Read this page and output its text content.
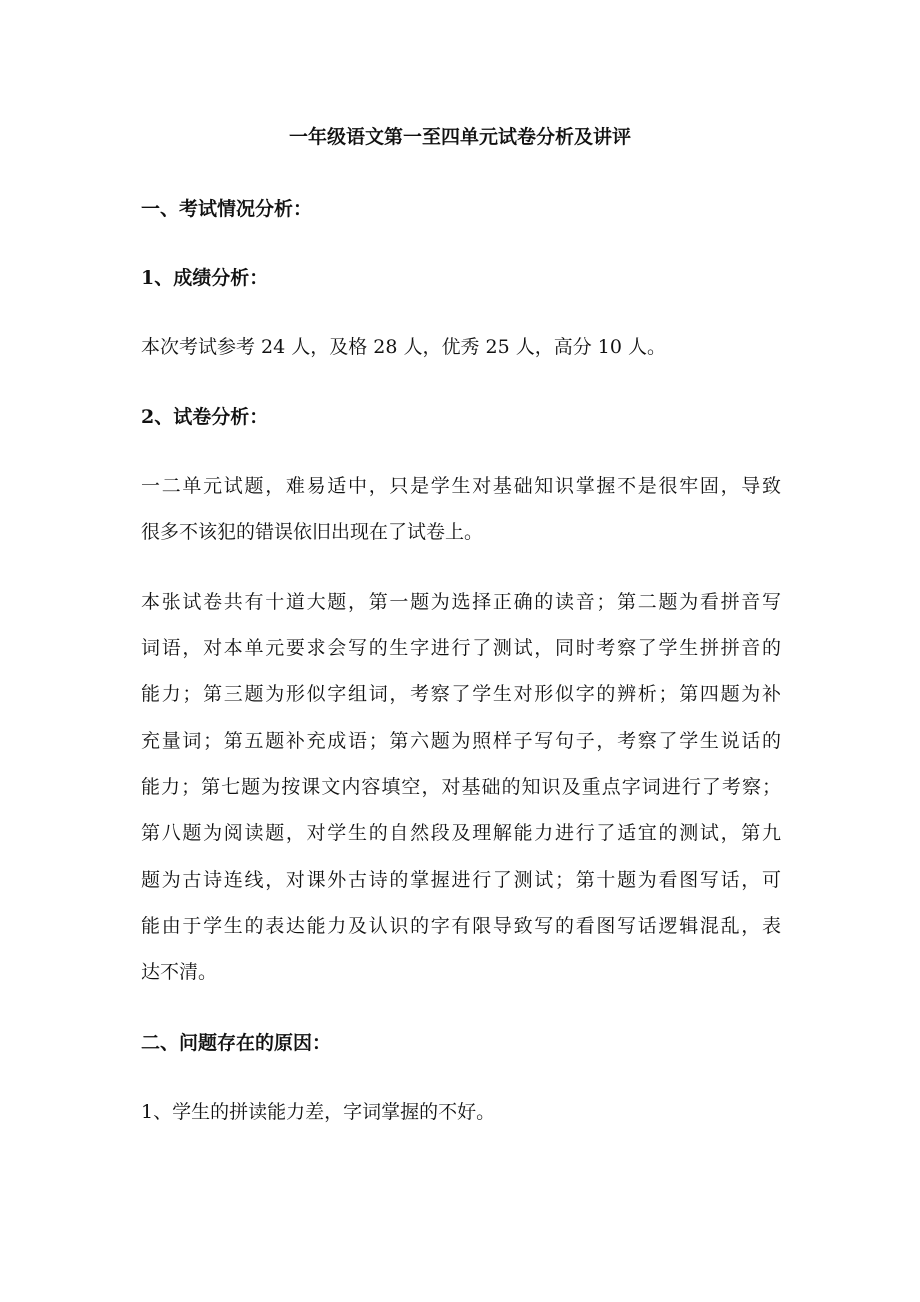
一年级语文第一至四单元试卷分析及讲评
一、考试情况分析：
1、成绩分析：
本次考试参考 24 人，及格 28 人，优秀 25 人，高分 10 人。
2、试卷分析：
一二单元试题，难易适中，只是学生对基础知识掌握不是很牢固，导致
很多不该犯的错误依旧出现在了试卷上。
本张试卷共有十道大题，第一题为选择正确的读音；第二题为看拼音写
词语，对本单元要求会写的生字进行了测试，同时考察了学生拼拼音的
能力；第三题为形似字组词，考察了学生对形似字的辨析；第四题为补
充量词；第五题补充成语；第六题为照样子写句子，考察了学生说话的
能力；第七题为按课文内容填空，对基础的知识及重点字词进行了考察；
第八题为阅读题，对学生的自然段及理解能力进行了适宜的测试，第九
题为古诗连线，对课外古诗的掌握进行了测试；第十题为看图写话，可
能由于学生的表达能力及认识的字有限导致写的看图写话逻辑混乱，表
达不清。
二、问题存在的原因：
1、学生的拼读能力差，字词掌握的不好。
